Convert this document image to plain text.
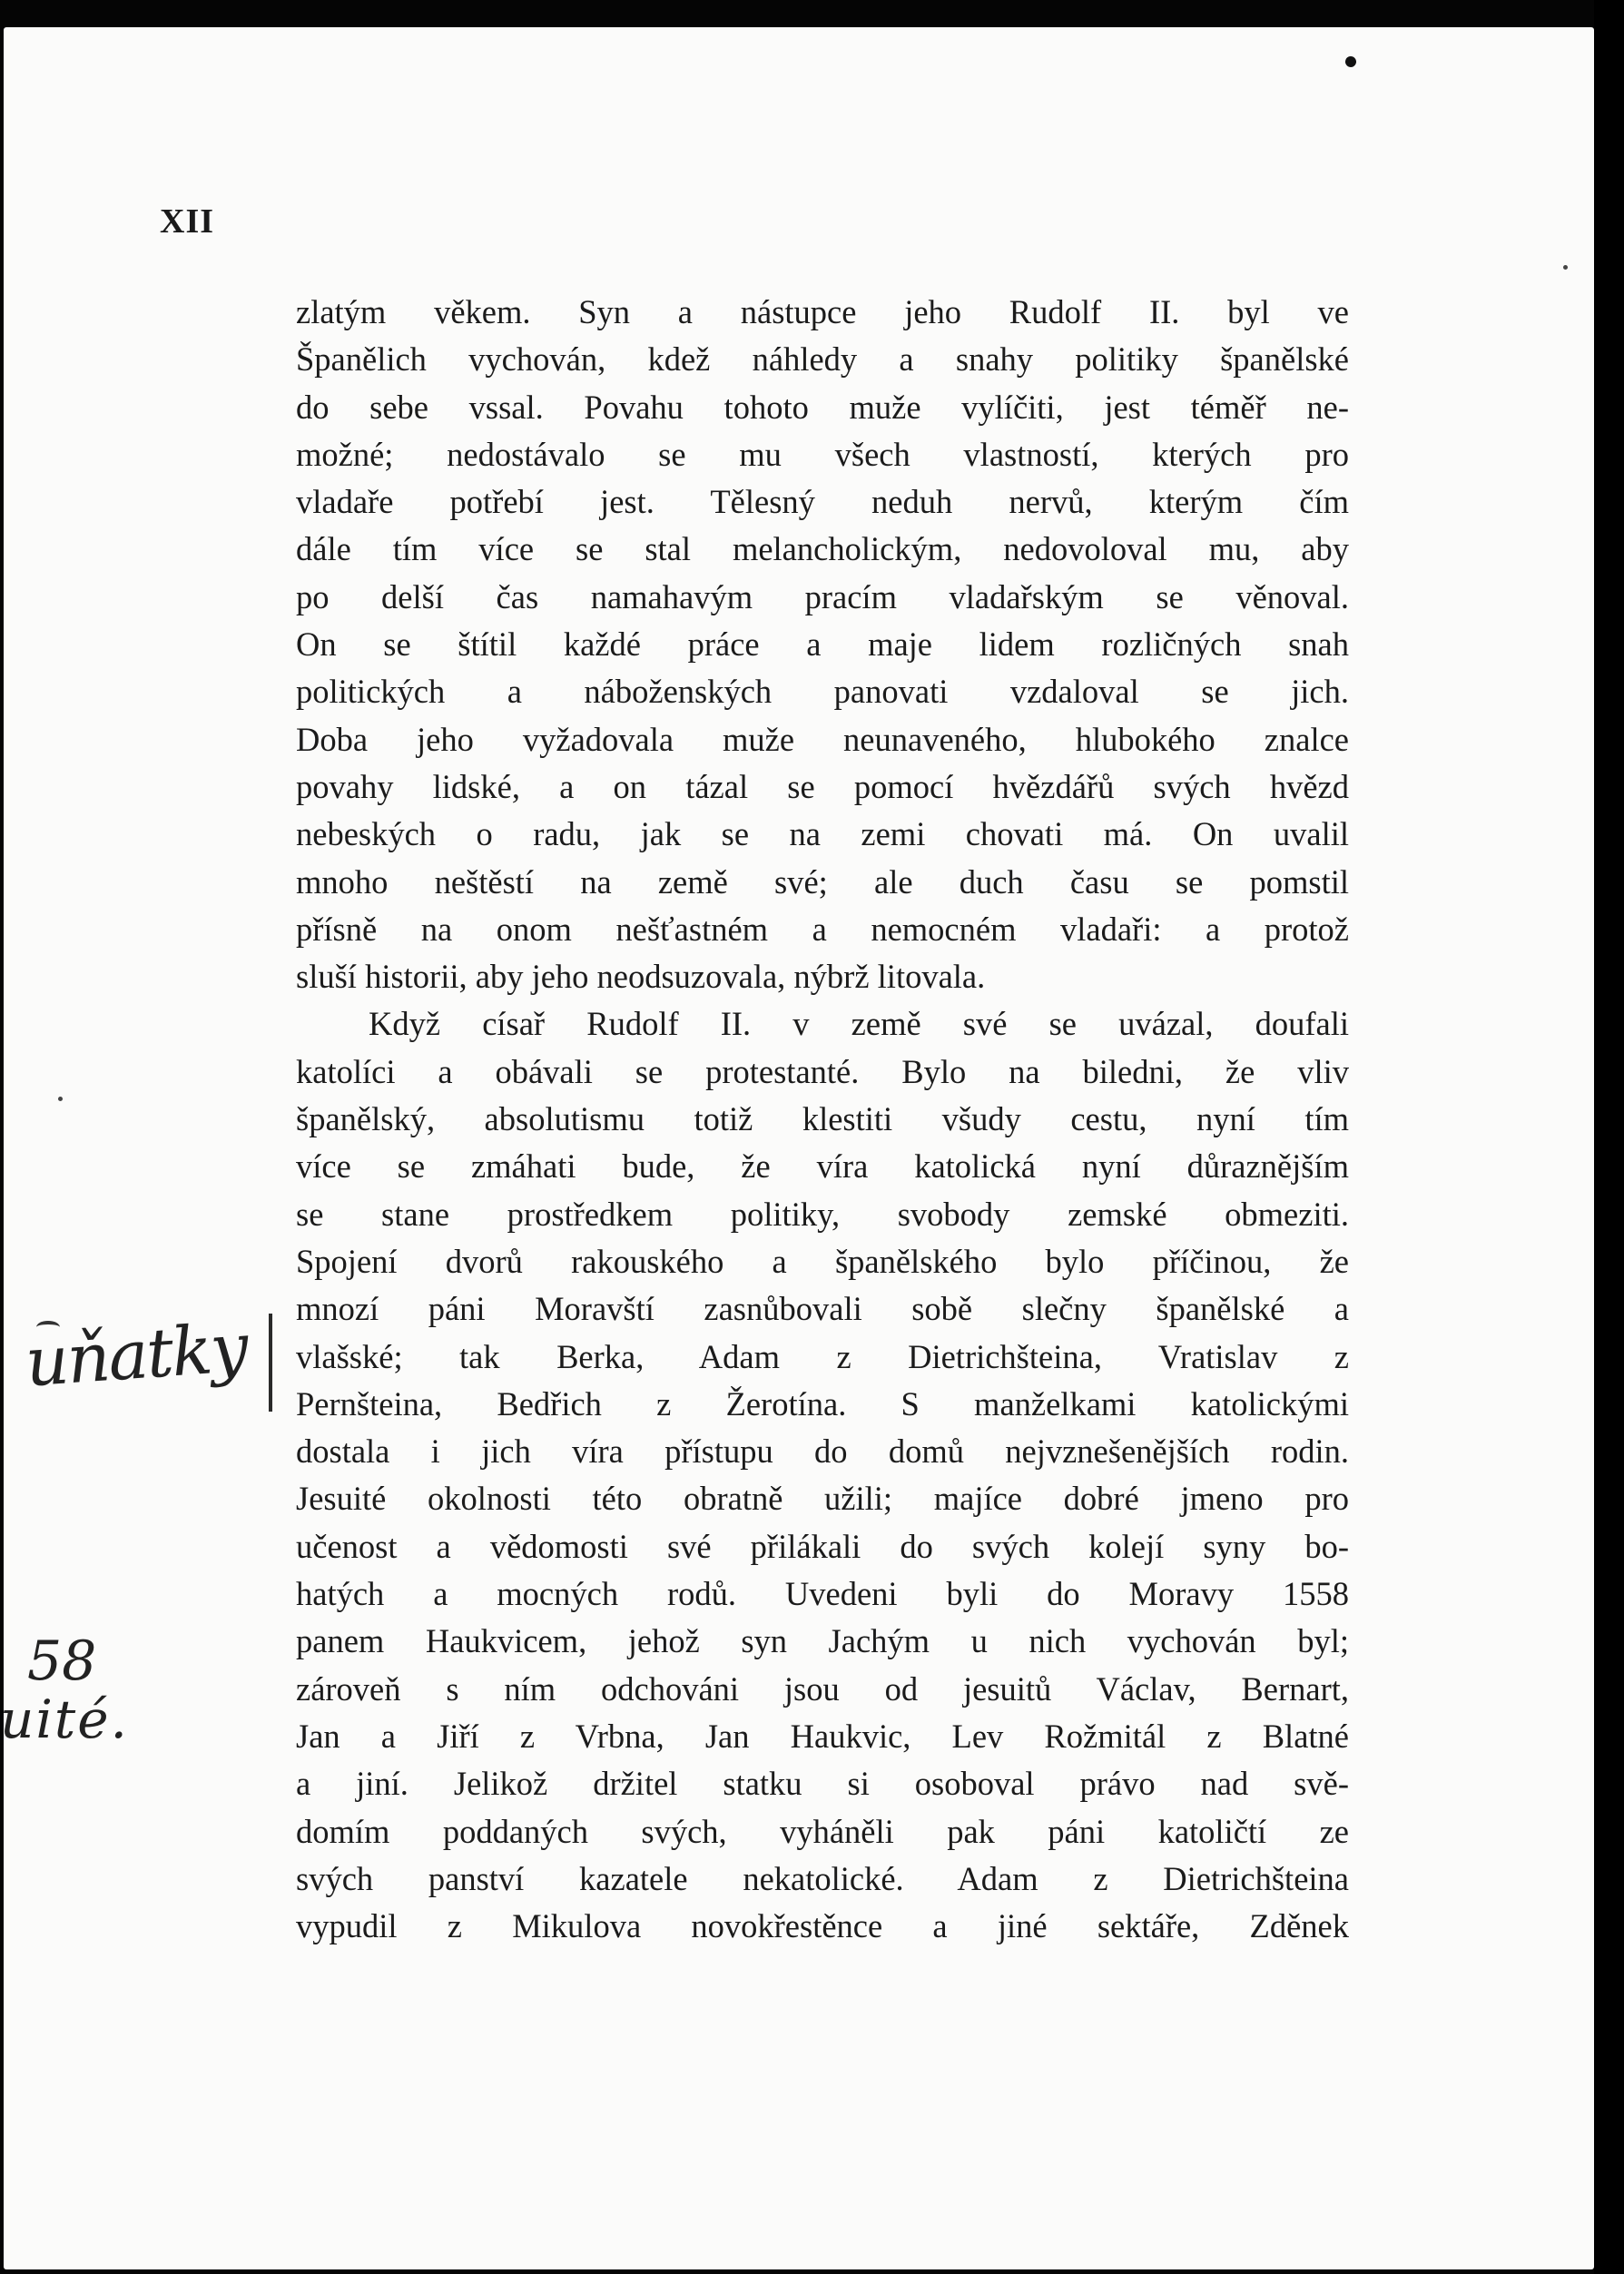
XII
zlatým věkem. Syn a nástupce jeho Rudolf II. byl ve
Španělich vychován, kdež náhledy a snahy politiky španělské
do sebe vssal. Povahu tohoto muže vylíčiti, jest téměř ne-
možné; nedostávalo se mu všech vlastností, kterých pro
vladaře potřebí jest. Tělesný neduh nervů, kterým čím
dále tím více se stal melancholickým, nedovoloval mu, aby
po delší čas namahavým pracím vladařským se věnoval.
On se štítil každé práce a maje lidem rozličných snah
politických a náboženských panovati vzdaloval se jich.
Doba jeho vyžadovala muže neunaveného, hlubokého znalce
povahy lidské, a on tázal se pomocí hvězdářů svých hvězd
nebeských o radu, jak se na zemi chovati má. On uvalil
mnoho neštěstí na země své; ale duch času se pomstil
přísně na onom nešťastném a nemocném vladaři: a protož
sluší historii, aby jeho neodsuzovala, nýbrž litovala.
Když císař Rudolf II. v země své se uvázal, doufali
katolíci a obávali se protestanté. Bylo na biledni, že vliv
španělský, absolutismu totiž klestiti všudy cestu, nyní tím
více se zmáhati bude, že víra katolická nyní důraznějším
se stane prostředkem politiky, svobody zemské obmeziti.
Spojení dvorů rakouského a španělského bylo příčinou, že
mnozí páni Moravští zasnůbovali sobě slečny španělské a
vlašské; tak Berka, Adam z Dietrichšteina, Vratislav z
Pernšteina, Bedřich z Žerotína. S manželkami katolickými
dostala i jich víra přístupu do domů nejvznešenějších rodin.
Jesuité okolnosti této obratně užili; majíce dobré jmeno pro
učenost a vědomosti své přilákali do svých kolejí syny bo-
hatých a mocných rodů. Uvedeni byli do Moravy 1558
panem Haukvicem, jehož syn Jachým u nich vychován byl;
zároveň s ním odchováni jsou od jesuitů Václav, Bernart,
Jan a Jiří z Vrbna, Jan Haukvic, Lev Rožmitál z Blatné
a jiní. Jelikož držitel statku si osoboval právo nad svě-
domím poddaných svých, vyháněli pak páni katoličtí ze
svých panství kazatele nekatolické. Adam z Dietrichšteina
vypudil z Mikulova novokřestěnce a jiné sektáře, Zděnek
uňatky
58
uité.
